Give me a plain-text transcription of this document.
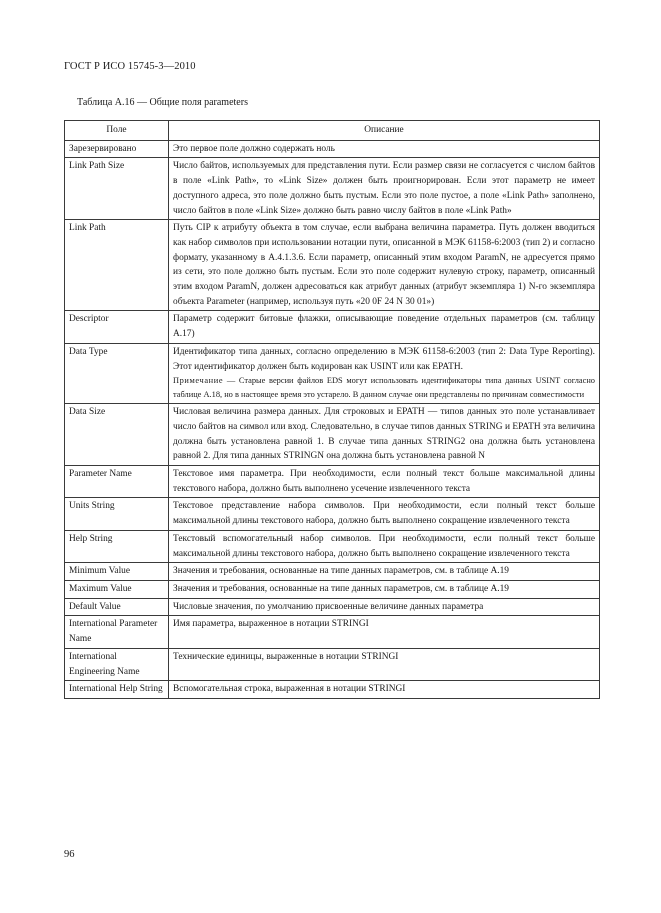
ГОСТ Р ИСО 15745-3—2010
Таблица A.16 — Общие поля parameters
Поле	Описание
Зарезервировано	Это первое поле должно содержать ноль
Link Path Size	Число байтов, используемых для представления пути. Если размер связи не согласуется с числом байтов в поле «Link Path», то «Link Size» должен быть проигнорирован. Если этот параметр не имеет доступного адреса, это поле должно быть пустым. Если это поле пустое, а поле «Link Path» заполнено, число байтов в поле «Link Size» должно быть равно числу байтов в поле «Link Path»
Link Path	Путь CIP к атрибуту объекта в том случае, если выбрана величина параметра. Путь должен вводиться как набор символов при использовании нотации пути, описанной в МЭК 61158-6:2003 (тип 2) и согласно формату, указанному в A.4.1.3.6. Если параметр, описанный этим входом ParamN, не адресуется прямо из сети, это поле должно быть пустым. Если это поле содержит нулевую строку, параметр, описанный этим входом ParamN, должен адресоваться как атрибут данных (атрибут экземпляра 1) N-го экземпляра объекта Parameter (например, используя путь «20 0F 24 N 30 01»)
Descriptor	Параметр содержит битовые флажки, описывающие поведение отдельных параметров (см. таблицу A.17)
Data Type	Идентификатор типа данных, согласно определению в МЭК 61158-6:2003 (тип 2: Data Type Reporting). Этот идентификатор должен быть кодирован как USINT или как EPATH.
Примечание — Старые версии файлов EDS могут использовать идентификаторы типа данных USINT согласно таблице A.18, но в настоящее время это устарело. В данном случае они представлены по причинам совместимости

Data Size	Числовая величина размера данных. Для строковых и EPATH — типов данных это поле устанавливает число байтов на символ или вход. Следовательно, в случае типов данных STRING и EPATH эта величина должна быть установлена равной 1. В случае типа данных STRING2 она должна быть установлена равной 2. Для типа данных STRINGN она должна быть установлена равной N
Parameter Name	Текстовое имя параметра. При необходимости, если полный текст больше максимальной длины текстового набора, должно быть выполнено усечение извлеченного текста
Units String	Текстовое представление набора символов. При необходимости, если полный текст больше максимальной длины текстового набора, должно быть выполнено сокращение извлеченного текста
Help String	Текстовый вспомогательный набор символов. При необходимости, если полный текст больше максимальной длины текстового набора, должно быть выполнено сокращение извлеченного текста
Minimum Value	Значения и требования, основанные на типе данных параметров, см. в таблице A.19
Maximum Value	Значения и требования, основанные на типе данных параметров, см. в таблице A.19
Default Value	Числовые значения, по умолчанию присвоенные величине данных параметра
International Parameter Name	Имя параметра, выраженное в нотации STRINGI
International Engineering Name	Технические единицы, выраженные в нотации STRINGI
International Help String	Вспомогательная строка, выраженная в нотации STRINGI
96
